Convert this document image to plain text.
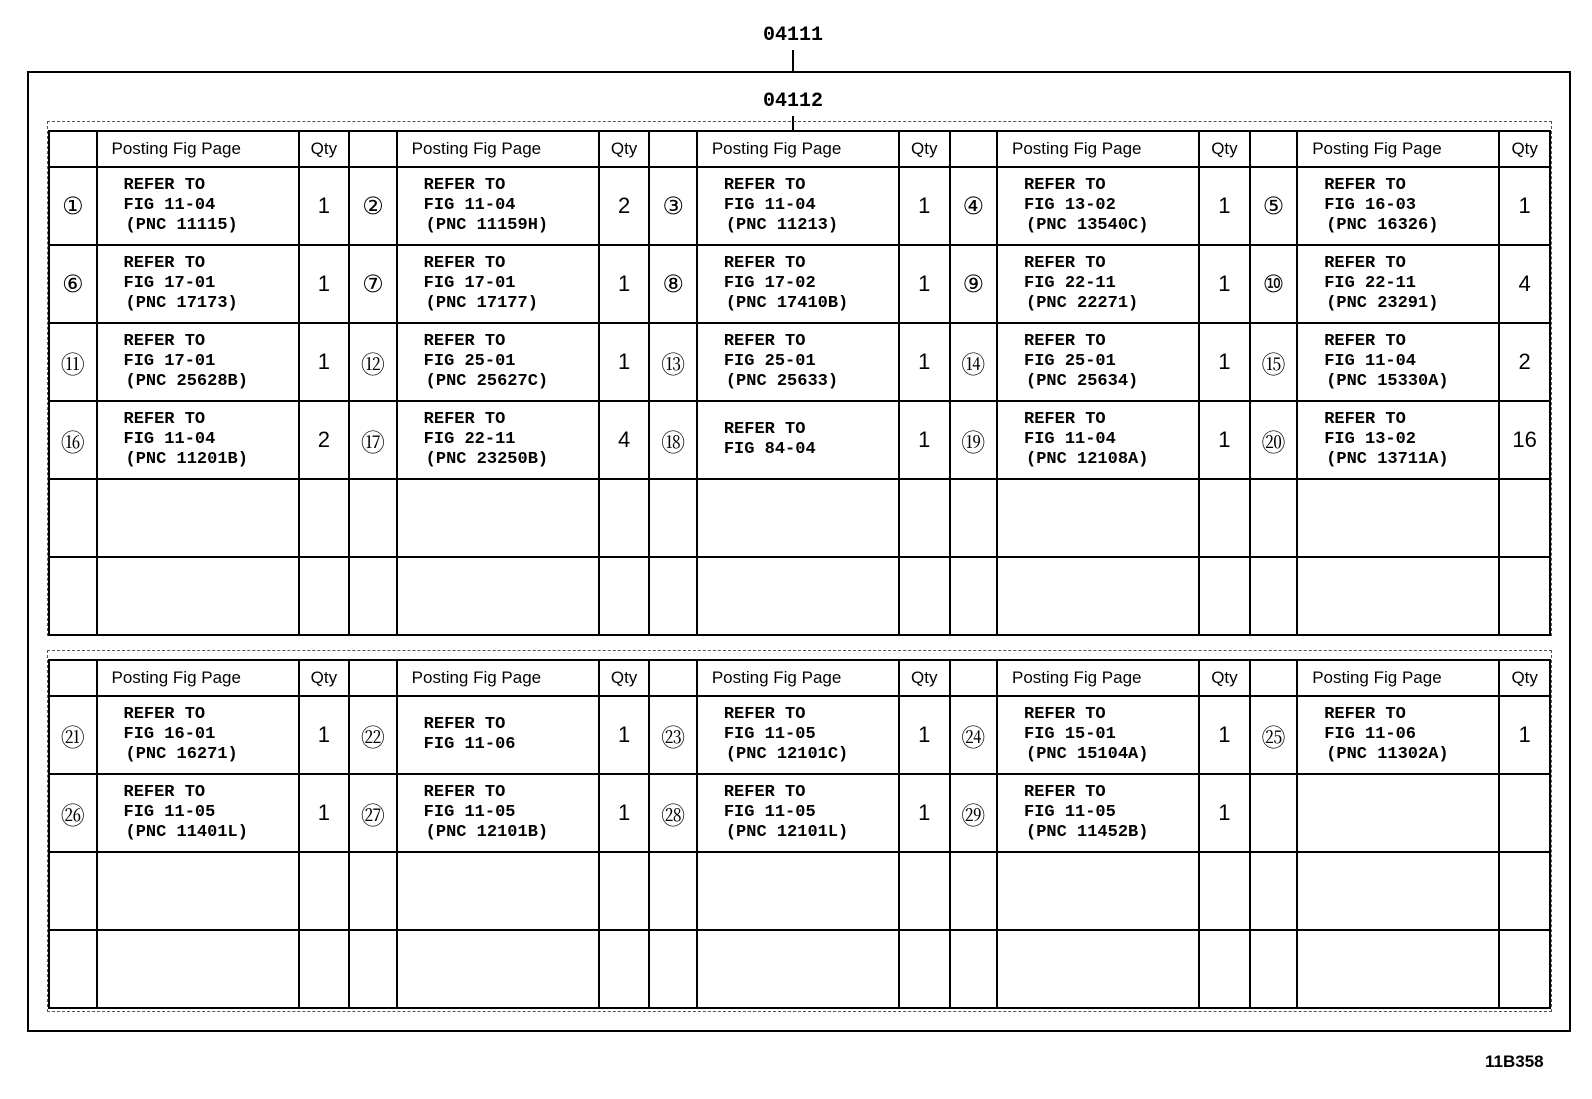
04111
04112
	Posting Fig Page	Qty		Posting Fig Page	Qty		Posting Fig Page	Qty		Posting Fig Page	Qty		Posting Fig Page	Qty
①	REFER TO
FIG 11-04
(PNC 11115)	1	②	REFER TO
FIG 11-04
(PNC 11159H)	2	③	REFER TO
FIG 11-04
(PNC 11213)	1	④	REFER TO
FIG 13-02
(PNC 13540C)	1	⑤	REFER TO
FIG 16-03
(PNC 16326)	1
⑥	REFER TO
FIG 17-01
(PNC 17173)	1	⑦	REFER TO
FIG 17-01
(PNC 17177)	1	⑧	REFER TO
FIG 17-02
(PNC 17410B)	1	⑨	REFER TO
FIG 22-11
(PNC 22271)	1	⑩	REFER TO
FIG 22-11
(PNC 23291)	4
⑪	REFER TO
FIG 17-01
(PNC 25628B)	1	⑫	REFER TO
FIG 25-01
(PNC 25627C)	1	⑬	REFER TO
FIG 25-01
(PNC 25633)	1	⑭	REFER TO
FIG 25-01
(PNC 25634)	1	⑮	REFER TO
FIG 11-04
(PNC 15330A)	2
⑯	REFER TO
FIG 11-04
(PNC 11201B)	2	⑰	REFER TO
FIG 22-11
(PNC 23250B)	4	⑱	REFER TO
FIG 84-04	1	⑲	REFER TO
FIG 11-04
(PNC 12108A)	1	⑳	REFER TO
FIG 13-02
(PNC 13711A)	16

	Posting Fig Page	Qty		Posting Fig Page	Qty		Posting Fig Page	Qty		Posting Fig Page	Qty		Posting Fig Page	Qty
㉑	REFER TO
FIG 16-01
(PNC 16271)	1	㉒	REFER TO
FIG 11-06	1	㉓	REFER TO
FIG 11-05
(PNC 12101C)	1	㉔	REFER TO
FIG 15-01
(PNC 15104A)	1	㉕	REFER TO
FIG 11-06
(PNC 11302A)	1
㉖	REFER TO
FIG 11-05
(PNC 11401L)	1	㉗	REFER TO
FIG 11-05
(PNC 12101B)	1	㉘	REFER TO
FIG 11-05
(PNC 12101L)	1	㉙	REFER TO
FIG 11-05
(PNC 11452B)	1		

11B358
